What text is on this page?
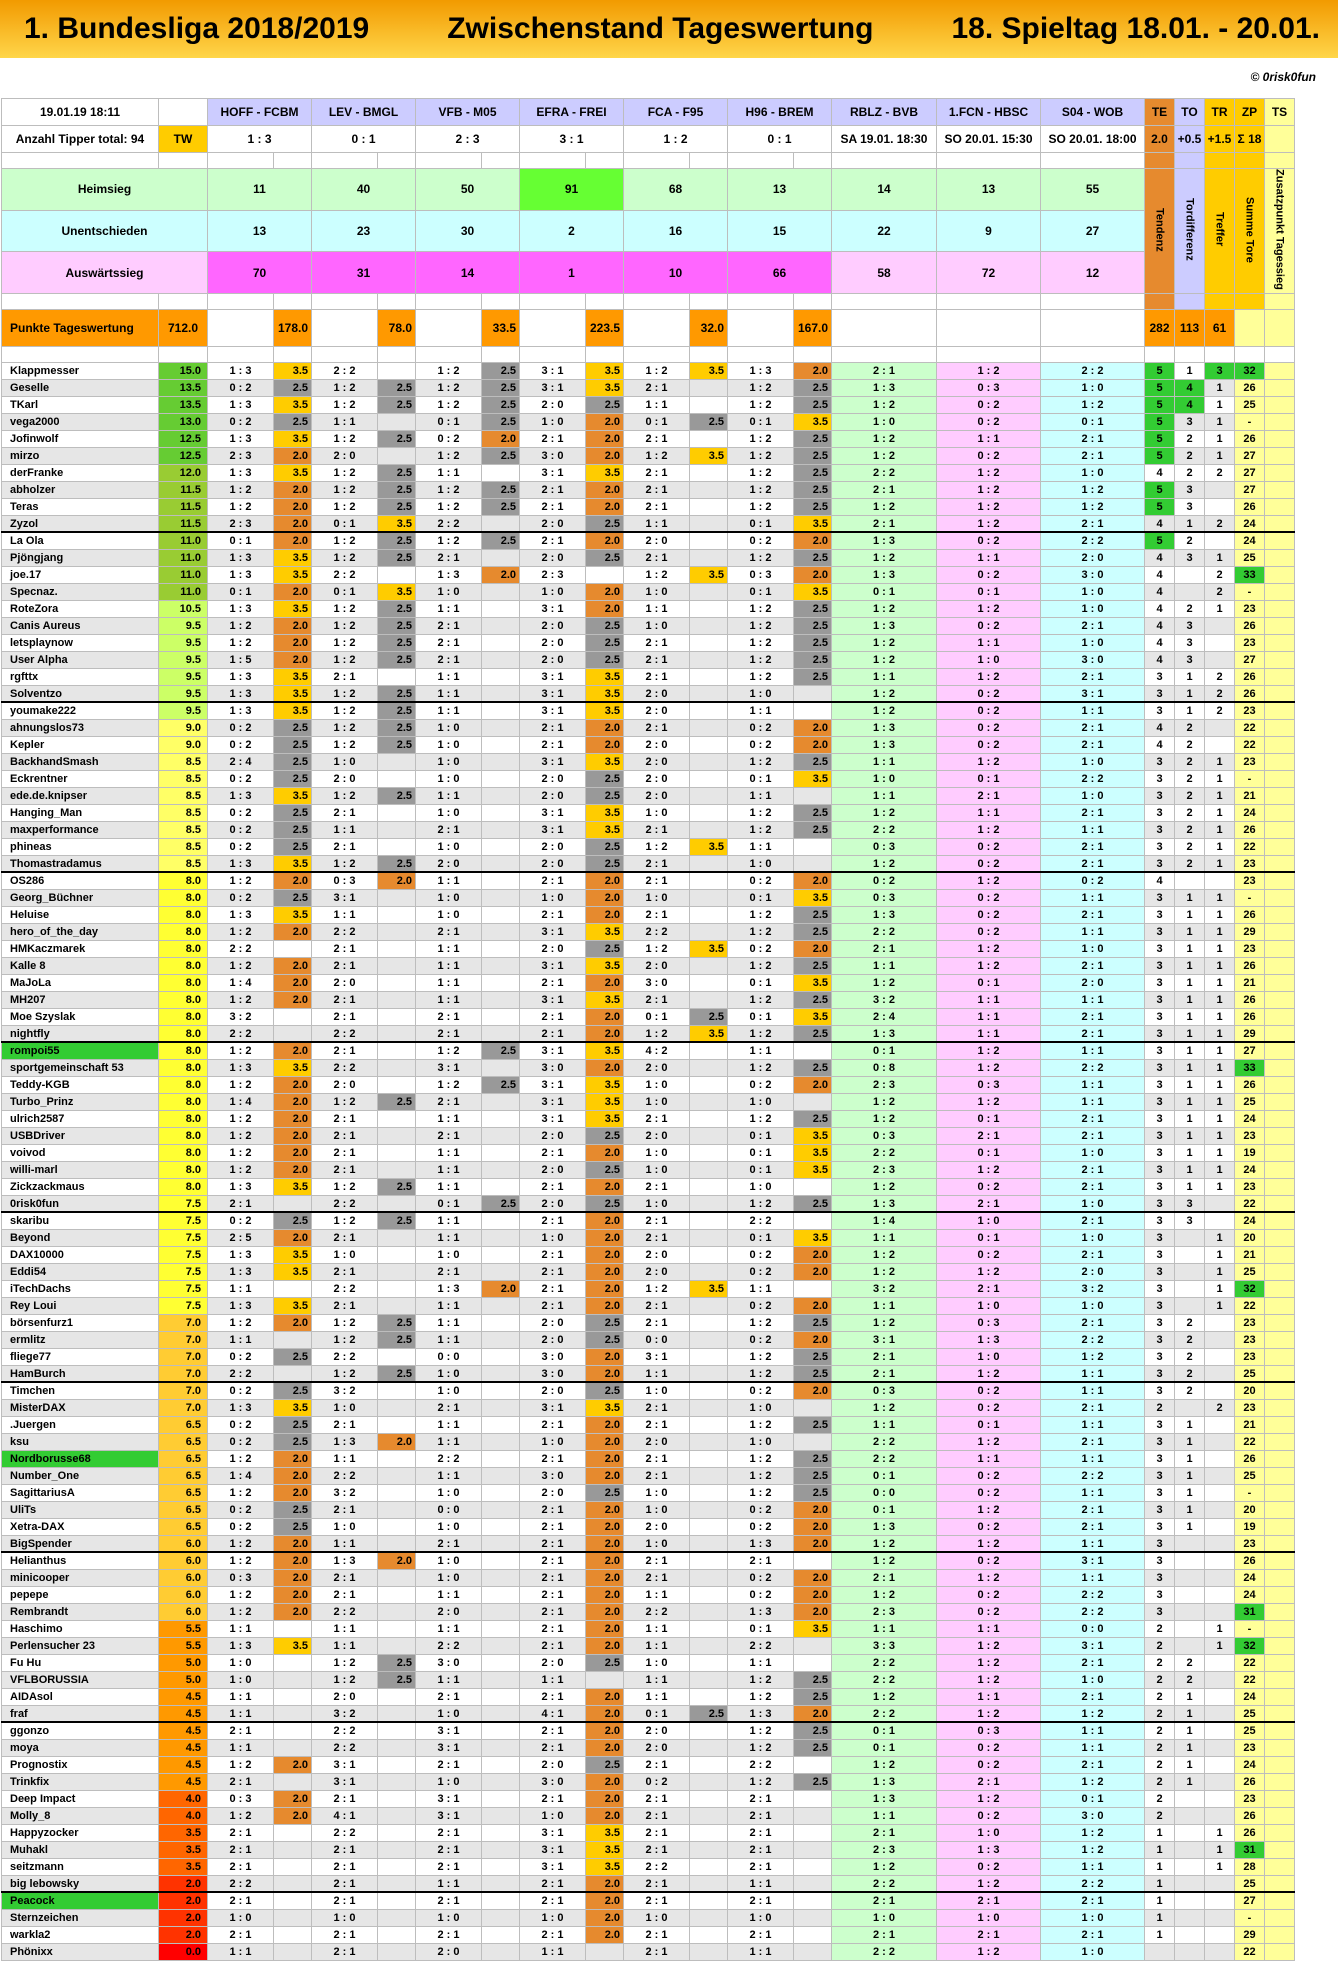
1. Bundesliga 2018/2019	Zwischenstand Tageswertung	18. Spieltag 18.01. - 20.01.
© 0risk0fun
19.01.19 18:11		HOFF - FCBM		LEV - BMGL		VFB - M05		EFRA - FREI		FCA - F95		H96 - BREM		RBLZ - BVB	1.FCN - HBSC	S04 - WOB	TE	TO	TR	ZP	TS
Anzahl Tipper total: 94	TW	1 : 3		0 : 1		2 : 3		3 : 1		1 : 2		0 : 1		SA 19.01. 18:30	SO 20.01. 15:30	SO 20.01. 18:00	2.0	+0.5	+1.5	Σ 18	

Heimsieg		11		40		50		91		68		13		14	13	55	Tendenz	Tordifferenz	Treffer	Summe Tore	Zusatzpunkt Tagessieg
Unentschieden		13		23		30		2		16		15		22	9	27					
Auswärtssieg		70		31		14		1		10		66		58	72	12					

Punkte Tageswertung	712.0		178.0		78.0		33.5		223.5		32.0		167.0				282	113	61		

Klappmesser	15.0	1 : 3	3.5	2 : 2		1 : 2	2.5	3 : 1	3.5	1 : 2	3.5	1 : 3	2.0	2 : 1	1 : 2	2 : 2	5	1	3	32	
Geselle	13.5	0 : 2	2.5	1 : 2	2.5	1 : 2	2.5	3 : 1	3.5	2 : 1		1 : 2	2.5	1 : 3	0 : 3	1 : 0	5	4	1	26	
TKarl	13.5	1 : 3	3.5	1 : 2	2.5	1 : 2	2.5	2 : 0	2.5	1 : 1		1 : 2	2.5	1 : 2	0 : 2	1 : 2	5	4	1	25	
vega2000	13.0	0 : 2	2.5	1 : 1		0 : 1	2.5	1 : 0	2.0	0 : 1	2.5	0 : 1	3.5	1 : 0	0 : 2	0 : 1	5	3	1	-	
Jofinwolf	12.5	1 : 3	3.5	1 : 2	2.5	0 : 2	2.0	2 : 1	2.0	2 : 1		1 : 2	2.5	1 : 2	1 : 1	2 : 1	5	2	1	26	
mirzo	12.5	2 : 3	2.0	2 : 0		1 : 2	2.5	3 : 0	2.0	1 : 2	3.5	1 : 2	2.5	1 : 2	0 : 2	2 : 1	5	2	1	27	
derFranke	12.0	1 : 3	3.5	1 : 2	2.5	1 : 1		3 : 1	3.5	2 : 1		1 : 2	2.5	2 : 2	1 : 2	1 : 0	4	2	2	27	
abholzer	11.5	1 : 2	2.0	1 : 2	2.5	1 : 2	2.5	2 : 1	2.0	2 : 1		1 : 2	2.5	2 : 1	1 : 2	1 : 2	5	3		27	
Teras	11.5	1 : 2	2.0	1 : 2	2.5	1 : 2	2.5	2 : 1	2.0	2 : 1		1 : 2	2.5	1 : 2	1 : 2	1 : 2	5	3		26	
Zyzol	11.5	2 : 3	2.0	0 : 1	3.5	2 : 2		2 : 0	2.5	1 : 1		0 : 1	3.5	2 : 1	1 : 2	2 : 1	4	1	2	24	
La Ola	11.0	0 : 1	2.0	1 : 2	2.5	1 : 2	2.5	2 : 1	2.0	2 : 0		0 : 2	2.0	1 : 3	0 : 2	2 : 2	5	2		24	
Pjöngjang	11.0	1 : 3	3.5	1 : 2	2.5	2 : 1		2 : 0	2.5	2 : 1		1 : 2	2.5	1 : 2	1 : 1	2 : 0	4	3	1	25	
joe.17	11.0	1 : 3	3.5	2 : 2		1 : 3	2.0	2 : 3		1 : 2	3.5	0 : 3	2.0	1 : 3	0 : 2	3 : 0	4		2	33	
Specnaz.	11.0	0 : 1	2.0	0 : 1	3.5	1 : 0		1 : 0	2.0	1 : 0		0 : 1	3.5	0 : 1	0 : 1	1 : 0	4		2	-	
RoteZora	10.5	1 : 3	3.5	1 : 2	2.5	1 : 1		3 : 1	2.0	1 : 1		1 : 2	2.5	1 : 2	1 : 2	1 : 0	4	2	1	23	
Canis Aureus	9.5	1 : 2	2.0	1 : 2	2.5	2 : 1		2 : 0	2.5	1 : 0		1 : 2	2.5	1 : 3	0 : 2	2 : 1	4	3		26	
letsplaynow	9.5	1 : 2	2.0	1 : 2	2.5	2 : 1		2 : 0	2.5	2 : 1		1 : 2	2.5	1 : 2	1 : 1	1 : 0	4	3		23	
User Alpha	9.5	1 : 5	2.0	1 : 2	2.5	2 : 1		2 : 0	2.5	2 : 1		1 : 2	2.5	1 : 2	1 : 0	3 : 0	4	3		27	
rgfttx	9.5	1 : 3	3.5	2 : 1		1 : 1		3 : 1	3.5	2 : 1		1 : 2	2.5	1 : 1	1 : 2	2 : 1	3	1	2	26	
Solventzo	9.5	1 : 3	3.5	1 : 2	2.5	1 : 1		3 : 1	3.5	2 : 0		1 : 0		1 : 2	0 : 2	3 : 1	3	1	2	26	
youmake222	9.5	1 : 3	3.5	1 : 2	2.5	1 : 1		3 : 1	3.5	2 : 0		1 : 1		1 : 2	0 : 2	1 : 1	3	1	2	23	
ahnungslos73	9.0	0 : 2	2.5	1 : 2	2.5	1 : 0		2 : 1	2.0	2 : 1		0 : 2	2.0	1 : 3	0 : 2	2 : 1	4	2		22	
Kepler	9.0	0 : 2	2.5	1 : 2	2.5	1 : 0		2 : 1	2.0	2 : 0		0 : 2	2.0	1 : 3	0 : 2	2 : 1	4	2		22	
BackhandSmash	8.5	2 : 4	2.5	1 : 0		1 : 0		3 : 1	3.5	2 : 0		1 : 2	2.5	1 : 1	1 : 2	1 : 0	3	2	1	23	
Eckrentner	8.5	0 : 2	2.5	2 : 0		1 : 0		2 : 0	2.5	2 : 0		0 : 1	3.5	1 : 0	0 : 1	2 : 2	3	2	1	-	
ede.de.knipser	8.5	1 : 3	3.5	1 : 2	2.5	1 : 1		2 : 0	2.5	2 : 0		1 : 1		1 : 1	2 : 1	1 : 0	3	2	1	21	
Hanging_Man	8.5	0 : 2	2.5	2 : 1		1 : 0		3 : 1	3.5	1 : 0		1 : 2	2.5	1 : 2	1 : 1	2 : 1	3	2	1	24	
maxperformance	8.5	0 : 2	2.5	1 : 1		2 : 1		3 : 1	3.5	2 : 1		1 : 2	2.5	2 : 2	1 : 2	1 : 1	3	2	1	26	
phineas	8.5	0 : 2	2.5	2 : 1		1 : 0		2 : 0	2.5	1 : 2	3.5	1 : 1		0 : 3	0 : 2	2 : 1	3	2	1	22	
Thomastradamus	8.5	1 : 3	3.5	1 : 2	2.5	2 : 0		2 : 0	2.5	2 : 1		1 : 0		1 : 2	0 : 2	2 : 1	3	2	1	23	
OS286	8.0	1 : 2	2.0	0 : 3	2.0	1 : 1		2 : 1	2.0	2 : 1		0 : 2	2.0	0 : 2	1 : 2	0 : 2	4			23	
Georg_Büchner	8.0	0 : 2	2.5	3 : 1		1 : 0		1 : 0	2.0	1 : 0		0 : 1	3.5	0 : 3	0 : 2	1 : 1	3	1	1	-	
Heluise	8.0	1 : 3	3.5	1 : 1		1 : 0		2 : 1	2.0	2 : 1		1 : 2	2.5	1 : 3	0 : 2	2 : 1	3	1	1	26	
hero_of_the_day	8.0	1 : 2	2.0	2 : 2		2 : 1		3 : 1	3.5	2 : 2		1 : 2	2.5	2 : 2	0 : 2	1 : 1	3	1	1	29	
HMKaczmarek	8.0	2 : 2		2 : 1		1 : 1		2 : 0	2.5	1 : 2	3.5	0 : 2	2.0	2 : 1	1 : 2	1 : 0	3	1	1	23	
Kalle 8	8.0	1 : 2	2.0	2 : 1		1 : 1		3 : 1	3.5	2 : 0		1 : 2	2.5	1 : 1	1 : 2	2 : 1	3	1	1	26	
MaJoLa	8.0	1 : 4	2.0	2 : 0		1 : 1		2 : 1	2.0	3 : 0		0 : 1	3.5	1 : 2	0 : 1	2 : 0	3	1	1	21	
MH207	8.0	1 : 2	2.0	2 : 1		1 : 1		3 : 1	3.5	2 : 1		1 : 2	2.5	3 : 2	1 : 1	1 : 1	3	1	1	26	
Moe Szyslak	8.0	3 : 2		2 : 1		2 : 1		2 : 1	2.0	0 : 1	2.5	0 : 1	3.5	2 : 4	1 : 1	2 : 1	3	1	1	26	
nightfly	8.0	2 : 2		2 : 2		2 : 1		2 : 1	2.0	1 : 2	3.5	1 : 2	2.5	1 : 3	1 : 1	2 : 1	3	1	1	29	
rompoi55	8.0	1 : 2	2.0	2 : 1		1 : 2	2.5	3 : 1	3.5	4 : 2		1 : 1		0 : 1	1 : 2	1 : 1	3	1	1	27	
sportgemeinschaft 53	8.0	1 : 3	3.5	2 : 2		3 : 1		3 : 0	2.0	2 : 0		1 : 2	2.5	0 : 8	1 : 2	2 : 2	3	1	1	33	
Teddy-KGB	8.0	1 : 2	2.0	2 : 0		1 : 2	2.5	3 : 1	3.5	1 : 0		0 : 2	2.0	2 : 3	0 : 3	1 : 1	3	1	1	26	
Turbo_Prinz	8.0	1 : 4	2.0	1 : 2	2.5	2 : 1		3 : 1	3.5	1 : 0		1 : 0		1 : 2	1 : 2	1 : 1	3	1	1	25	
ulrich2587	8.0	1 : 2	2.0	2 : 1		1 : 1		3 : 1	3.5	2 : 1		1 : 2	2.5	1 : 2	0 : 1	2 : 1	3	1	1	24	
USBDriver	8.0	1 : 2	2.0	2 : 1		2 : 1		2 : 0	2.5	2 : 0		0 : 1	3.5	0 : 3	2 : 1	2 : 1	3	1	1	23	
voivod	8.0	1 : 2	2.0	2 : 1		1 : 1		2 : 1	2.0	1 : 0		0 : 1	3.5	2 : 2	0 : 1	1 : 0	3	1	1	19	
willi-marl	8.0	1 : 2	2.0	2 : 1		1 : 1		2 : 0	2.5	1 : 0		0 : 1	3.5	2 : 3	1 : 2	2 : 1	3	1	1	24	
Zickzackmaus	8.0	1 : 3	3.5	1 : 2	2.5	1 : 1		2 : 1	2.0	2 : 1		1 : 0		1 : 2	0 : 2	2 : 1	3	1	1	23	
0risk0fun	7.5	2 : 1		2 : 2		0 : 1	2.5	2 : 0	2.5	1 : 0		1 : 2	2.5	1 : 3	2 : 1	1 : 0	3	3		22	
skaribu	7.5	0 : 2	2.5	1 : 2	2.5	1 : 1		2 : 1	2.0	2 : 1		2 : 2		1 : 4	1 : 0	2 : 1	3	3		24	
Beyond	7.5	2 : 5	2.0	2 : 1		1 : 1		1 : 0	2.0	2 : 1		0 : 1	3.5	1 : 1	0 : 1	1 : 0	3		1	20	
DAX10000	7.5	1 : 3	3.5	1 : 0		1 : 0		2 : 1	2.0	2 : 0		0 : 2	2.0	1 : 2	0 : 2	2 : 1	3		1	21	
Eddi54	7.5	1 : 3	3.5	2 : 1		2 : 1		2 : 1	2.0	2 : 0		0 : 2	2.0	1 : 2	1 : 2	2 : 0	3		1	25	
iTechDachs	7.5	1 : 1		2 : 2		1 : 3	2.0	2 : 1	2.0	1 : 2	3.5	1 : 1		3 : 2	2 : 1	3 : 2	3		1	32	
Rey Loui	7.5	1 : 3	3.5	2 : 1		1 : 1		2 : 1	2.0	2 : 1		0 : 2	2.0	1 : 1	1 : 0	1 : 0	3		1	22	
börsenfurz1	7.0	1 : 2	2.0	1 : 2	2.5	1 : 1		2 : 0	2.5	2 : 1		1 : 2	2.5	1 : 2	0 : 3	2 : 1	3	2		23	
ermlitz	7.0	1 : 1		1 : 2	2.5	1 : 1		2 : 0	2.5	0 : 0		0 : 2	2.0	3 : 1	1 : 3	2 : 2	3	2		23	
fliege77	7.0	0 : 2	2.5	2 : 2		0 : 0		3 : 0	2.0	3 : 1		1 : 2	2.5	2 : 1	1 : 0	1 : 2	3	2		23	
HamBurch	7.0	2 : 2		1 : 2	2.5	1 : 0		3 : 0	2.0	1 : 1		1 : 2	2.5	2 : 1	1 : 2	1 : 1	3	2		25	
Timchen	7.0	0 : 2	2.5	3 : 2		1 : 0		2 : 0	2.5	1 : 0		0 : 2	2.0	0 : 3	0 : 2	1 : 1	3	2		20	
MisterDAX	7.0	1 : 3	3.5	1 : 0		2 : 1		3 : 1	3.5	2 : 1		1 : 0		1 : 2	0 : 2	2 : 1	2		2	23	
.Juergen	6.5	0 : 2	2.5	2 : 1		1 : 1		2 : 1	2.0	2 : 1		1 : 2	2.5	1 : 1	0 : 1	1 : 1	3	1		21	
ksu	6.5	0 : 2	2.5	1 : 3	2.0	1 : 1		1 : 0	2.0	2 : 0		1 : 0		2 : 2	1 : 2	2 : 1	3	1		22	
Nordborusse68	6.5	1 : 2	2.0	1 : 1		2 : 2		2 : 1	2.0	2 : 1		1 : 2	2.5	2 : 2	1 : 1	1 : 1	3	1		26	
Number_One	6.5	1 : 4	2.0	2 : 2		1 : 1		3 : 0	2.0	2 : 1		1 : 2	2.5	0 : 1	0 : 2	2 : 2	3	1		25	
SagittariusA	6.5	1 : 2	2.0	3 : 2		1 : 0		2 : 0	2.5	1 : 0		1 : 2	2.5	0 : 0	0 : 2	1 : 1	3	1		-	
UliTs	6.5	0 : 2	2.5	2 : 1		0 : 0		2 : 1	2.0	1 : 0		0 : 2	2.0	0 : 1	1 : 2	2 : 1	3	1		20	
Xetra-DAX	6.5	0 : 2	2.5	1 : 0		1 : 0		2 : 1	2.0	2 : 0		0 : 2	2.0	1 : 3	0 : 2	2 : 1	3	1		19	
BigSpender	6.0	1 : 2	2.0	1 : 1		2 : 1		2 : 1	2.0	1 : 0		1 : 3	2.0	1 : 2	1 : 2	1 : 1	3			23	
Helianthus	6.0	1 : 2	2.0	1 : 3	2.0	1 : 0		2 : 1	2.0	2 : 1		2 : 1		1 : 2	0 : 2	3 : 1	3			26	
minicooper	6.0	0 : 3	2.0	2 : 1		1 : 0		2 : 1	2.0	2 : 1		0 : 2	2.0	2 : 1	1 : 2	1 : 1	3			24	
pepepe	6.0	1 : 2	2.0	2 : 1		1 : 1		2 : 1	2.0	1 : 1		0 : 2	2.0	1 : 2	0 : 2	2 : 2	3			24	
Rembrandt	6.0	1 : 2	2.0	2 : 2		2 : 0		2 : 1	2.0	2 : 2		1 : 3	2.0	2 : 3	0 : 2	2 : 2	3			31	
Haschimo	5.5	1 : 1		1 : 1		1 : 1		2 : 1	2.0	1 : 1		0 : 1	3.5	1 : 1	1 : 1	0 : 0	2		1	-	
Perlensucher 23	5.5	1 : 3	3.5	1 : 1		2 : 2		2 : 1	2.0	1 : 1		2 : 2		3 : 3	1 : 2	3 : 1	2		1	32	
Fu Hu	5.0	1 : 0		1 : 2	2.5	3 : 0		2 : 0	2.5	1 : 0		1 : 1		2 : 2	1 : 2	2 : 1	2	2		22	
VFLBORUSSIA	5.0	1 : 0		1 : 2	2.5	1 : 1		1 : 1		1 : 1		1 : 2	2.5	2 : 2	1 : 2	1 : 0	2	2		22	
AIDAsol	4.5	1 : 1		2 : 0		2 : 1		2 : 1	2.0	1 : 1		1 : 2	2.5	1 : 2	1 : 1	2 : 1	2	1		24	
fraf	4.5	1 : 1		3 : 2		1 : 0		4 : 1	2.0	0 : 1	2.5	1 : 3	2.0	2 : 2	1 : 2	1 : 2	2	1		25	
ggonzo	4.5	2 : 1		2 : 2		3 : 1		2 : 1	2.0	2 : 0		1 : 2	2.5	0 : 1	0 : 3	1 : 1	2	1		25	
moya	4.5	1 : 1		2 : 2		3 : 1		2 : 1	2.0	2 : 0		1 : 2	2.5	0 : 1	0 : 2	1 : 1	2	1		23	
Prognostix	4.5	1 : 2	2.0	3 : 1		2 : 1		2 : 0	2.5	2 : 1		2 : 2		1 : 2	0 : 2	2 : 1	2	1		24	
Trinkfix	4.5	2 : 1		3 : 1		1 : 0		3 : 0	2.0	0 : 2		1 : 2	2.5	1 : 3	2 : 1	1 : 2	2	1		26	
Deep Impact	4.0	0 : 3	2.0	2 : 1		3 : 1		2 : 1	2.0	2 : 1		2 : 1		1 : 3	1 : 2	0 : 1	2			23	
Molly_8	4.0	1 : 2	2.0	4 : 1		3 : 1		1 : 0	2.0	2 : 1		2 : 1		1 : 1	0 : 2	3 : 0	2			26	
Happyzocker	3.5	2 : 1		2 : 2		2 : 1		3 : 1	3.5	2 : 1		2 : 1		2 : 1	1 : 0	1 : 2	1		1	26	
Muhakl	3.5	2 : 1		2 : 1		2 : 1		3 : 1	3.5	2 : 1		2 : 1		2 : 3	1 : 3	1 : 2	1		1	31	
seitzmann	3.5	2 : 1		2 : 1		2 : 1		3 : 1	3.5	2 : 2		2 : 1		1 : 2	0 : 2	1 : 1	1		1	28	
big lebowsky	2.0	2 : 2		2 : 1		1 : 1		2 : 1	2.0	2 : 1		1 : 1		2 : 2	1 : 2	2 : 2	1			25	
Peacock	2.0	2 : 1		2 : 1		2 : 1		2 : 1	2.0	2 : 1		2 : 1		2 : 1	2 : 1	2 : 1	1			27	
Sternzeichen	2.0	1 : 0		1 : 0		1 : 0		1 : 0	2.0	1 : 0		1 : 0		1 : 0	1 : 0	1 : 0	1			-	
warkla2	2.0	2 : 1		2 : 1		2 : 1		2 : 1	2.0	2 : 1		2 : 1		2 : 1	2 : 1	2 : 1	1			29	
Phönixx	0.0	1 : 1		2 : 1		2 : 0		1 : 1		2 : 1		1 : 1		2 : 2	1 : 2	1 : 0				22	
